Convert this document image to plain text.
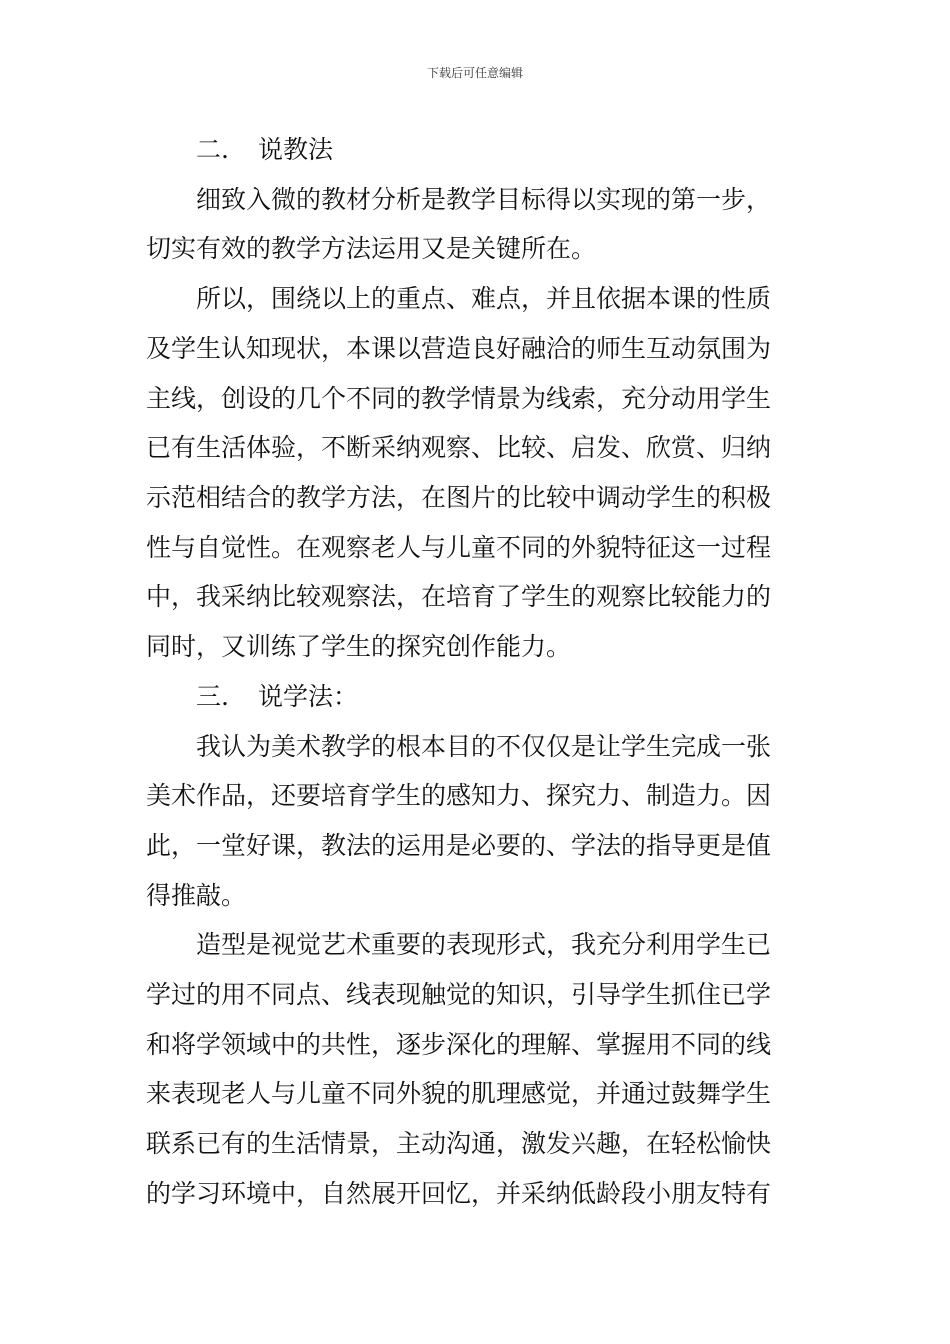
下载后可任意编辑
二. 说教法
细致入微的教材分析是教学目标得以实现的第一步，
切实有效的教学方法运用又是关键所在。
所以，围绕以上的重点、难点，并且依据本课的性质
及学生认知现状，本课以营造良好融洽的师生互动氛围为
主线，创设的几个不同的教学情景为线索，充分动用学生
已有生活体验，不断采纳观察、比较、启发、欣赏、归纳
示范相结合的教学方法，在图片的比较中调动学生的积极
性与自觉性。在观察老人与儿童不同的外貌特征这一过程
中，我采纳比较观察法，在培育了学生的观察比较能力的
同时，又训练了学生的探究创作能力。
三. 说学法：
我认为美术教学的根本目的不仅仅是让学生完成一张
美术作品，还要培育学生的感知力、探究力、制造力。因
此，一堂好课，教法的运用是必要的、学法的指导更是值
得推敲。
造型是视觉艺术重要的表现形式，我充分利用学生已
学过的用不同点、线表现触觉的知识，引导学生抓住已学
和将学领域中的共性，逐步深化的理解、掌握用不同的线
来表现老人与儿童不同外貌的肌理感觉，并通过鼓舞学生
联系已有的生活情景，主动沟通，激发兴趣，在轻松愉快
的学习环境中，自然展开回忆，并采纳低龄段小朋友特有
